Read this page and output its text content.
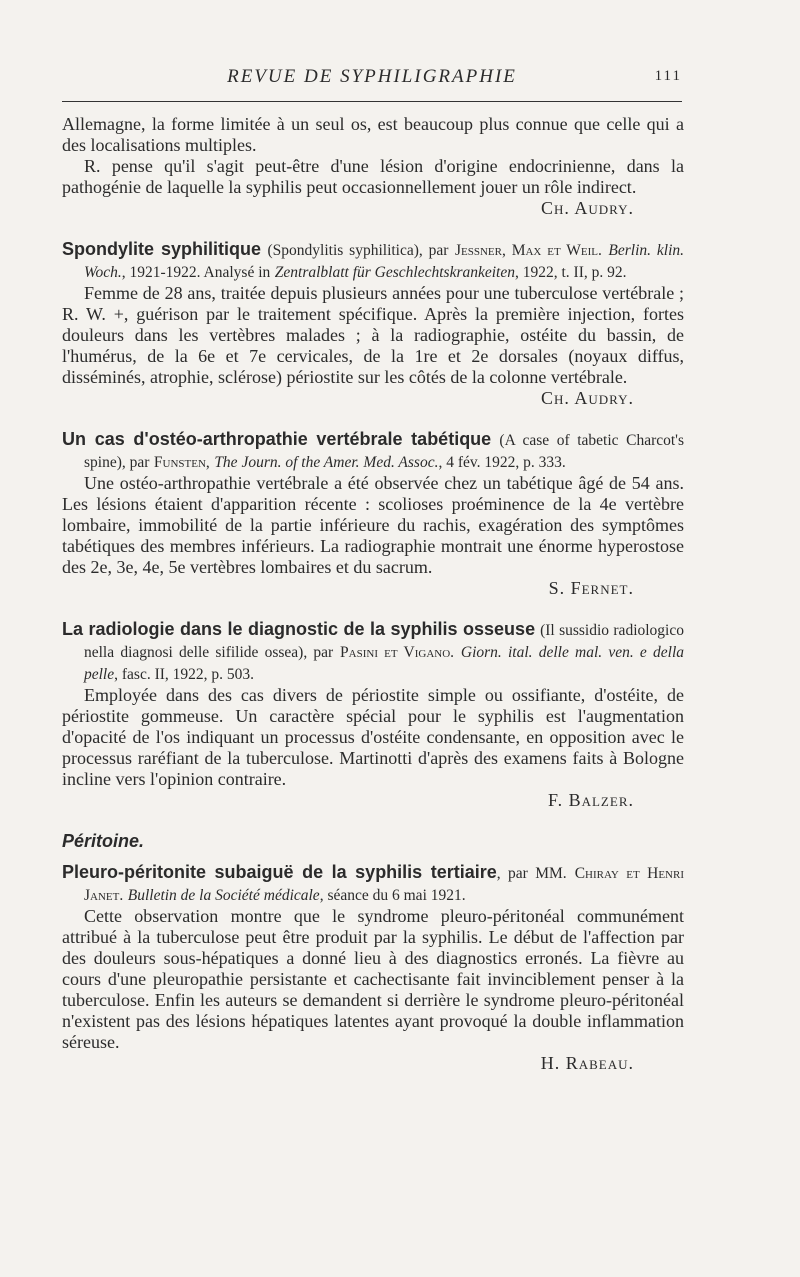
REVUE DE SYPHILIGRAPHIE	111

Allemagne, la forme limitée à un seul os, est beaucoup plus connue que celle qui a des localisations multiples.

R. pense qu'il s'agit peut-être d'une lésion d'origine endocrinienne, dans la pathogénie de laquelle la syphilis peut occasionnellement jouer un rôle indirect.

Ch. Audry.

Spondylite syphilitique (Spondylitis syphilitica), par Jessner, Max et Weil. Berlin. klin. Woch., 1921-1922. Analysé in Zentralblatt für Geschlechtskrankeiten, 1922, t. II, p. 92.

Femme de 28 ans, traitée depuis plusieurs années pour une tuberculose vertébrale ; R. W. +, guérison par le traitement spécifique. Après la première injection, fortes douleurs dans les vertèbres malades ; à la radiographie, ostéite du bassin, de l'humérus, de la 6e et 7e cervicales, de la 1re et 2e dorsales (noyaux diffus, disséminés, atrophie, sclérose) périostite sur les côtés de la colonne vertébrale.

Ch. Audry.

Un cas d'ostéo-arthropathie vertébrale tabétique (A case of tabetic Charcot's spine), par Funsten, The Journ. of the Amer. Med. Assoc., 4 fév. 1922, p. 333.

Une ostéo-arthropathie vertébrale a été observée chez un tabétique âgé de 54 ans. Les lésions étaient d'apparition récente : scolioses proéminence de la 4e vertèbre lombaire, immobilité de la partie inférieure du rachis, exagération des symptômes tabétiques des membres inférieurs. La radiographie montrait une énorme hyperostose des 2e, 3e, 4e, 5e vertèbres lombaires et du sacrum.

S. Fernet.

La radiologie dans le diagnostic de la syphilis osseuse (Il sussidio radiologico nella diagnosi delle sifilide ossea), par Pasini et Vigano. Giorn. ital. delle mal. ven. e della pelle, fasc. II, 1922, p. 503.

Employée dans des cas divers de périostite simple ou ossifiante, d'ostéite, de périostite gommeuse. Un caractère spécial pour le syphilis est l'augmentation d'opacité de l'os indiquant un processus d'ostéite condensante, en opposition avec le processus raréfiant de la tuberculose. Martinotti d'après des examens faits à Bologne incline vers l'opinion contraire.

F. Balzer.

Péritoine.

Pleuro-péritonite subaiguë de la syphilis tertiaire, par MM. Chiray et Henri Janet. Bulletin de la Société médicale, séance du 6 mai 1921.

Cette observation montre que le syndrome pleuro-péritonéal communément attribué à la tuberculose peut être produit par la syphilis. Le début de l'affection par des douleurs sous-hépatiques a donné lieu à des diagnostics erronés. La fièvre au cours d'une pleuropathie persistante et cachectisante fait invinciblement penser à la tuberculose. Enfin les auteurs se demandent si derrière le syndrome pleuro-péritonéal n'existent pas des lésions hépatiques latentes ayant provoqué la double inflammation séreuse.

H. Rabeau.
